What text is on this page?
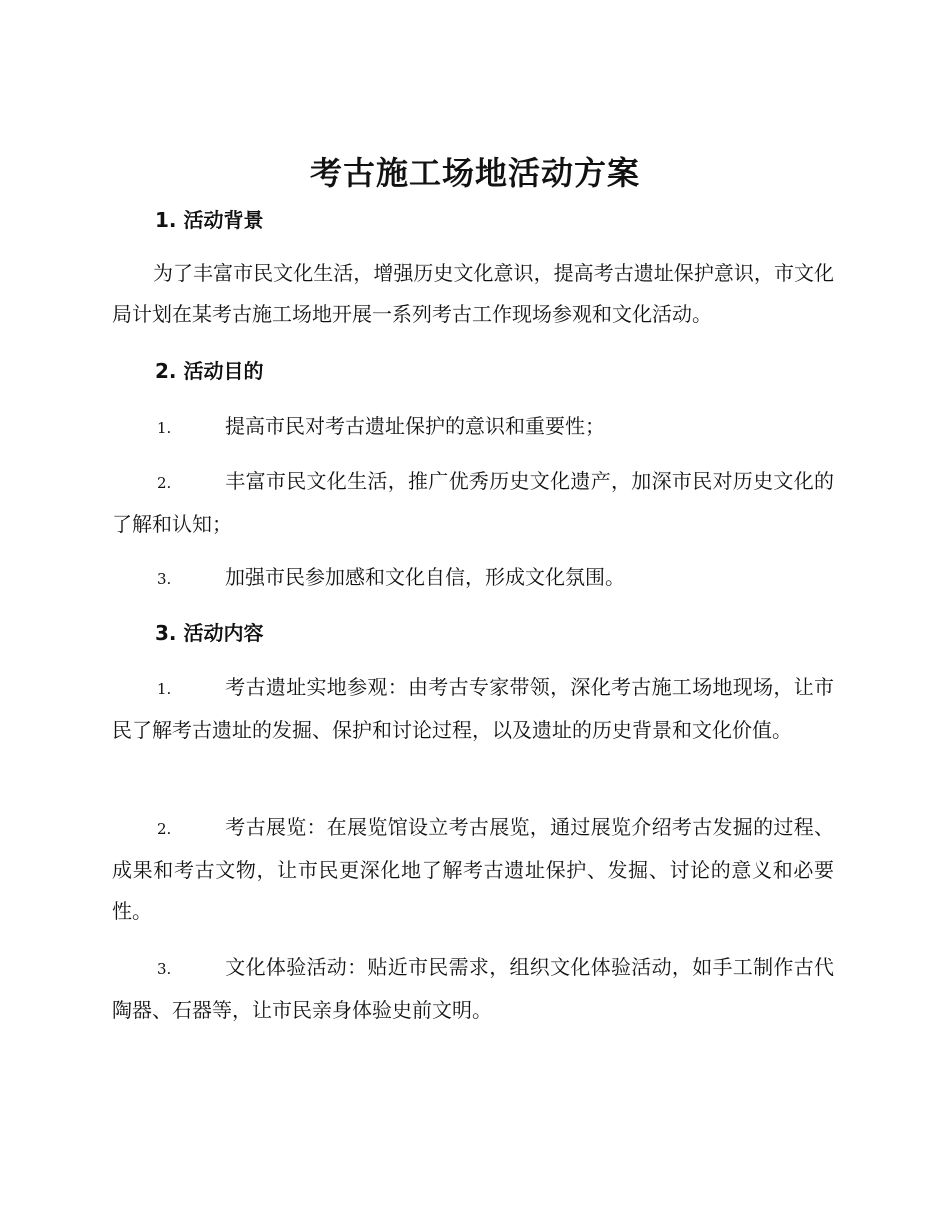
考古施工场地活动方案
1. 活动背景

为了丰富市民文化生活，增强历史文化意识，提高考古遗址保护意识，市文化局计划在某考古施工场地开展一系列考古工作现场参观和文化活动。

2. 活动目的

1.	提高市民对考古遗址保护的意识和重要性；

2.	丰富市民文化生活，推广优秀历史文化遗产，加深市民对历史文化的了解和认知；

3.	加强市民参加感和文化自信，形成文化氛围。

3. 活动内容

1.	考古遗址实地参观：由考古专家带领，深化考古施工场地现场，让市民了解考古遗址的发掘、保护和讨论过程，以及遗址的历史背景和文化价值。

2.	考古展览：在展览馆设立考古展览，通过展览介绍考古发掘的过程、成果和考古文物，让市民更深化地了解考古遗址保护、发掘、讨论的意义和必要性。

3.	文化体验活动：贴近市民需求，组织文化体验活动，如手工制作古代陶器、石器等，让市民亲身体验史前文明。
